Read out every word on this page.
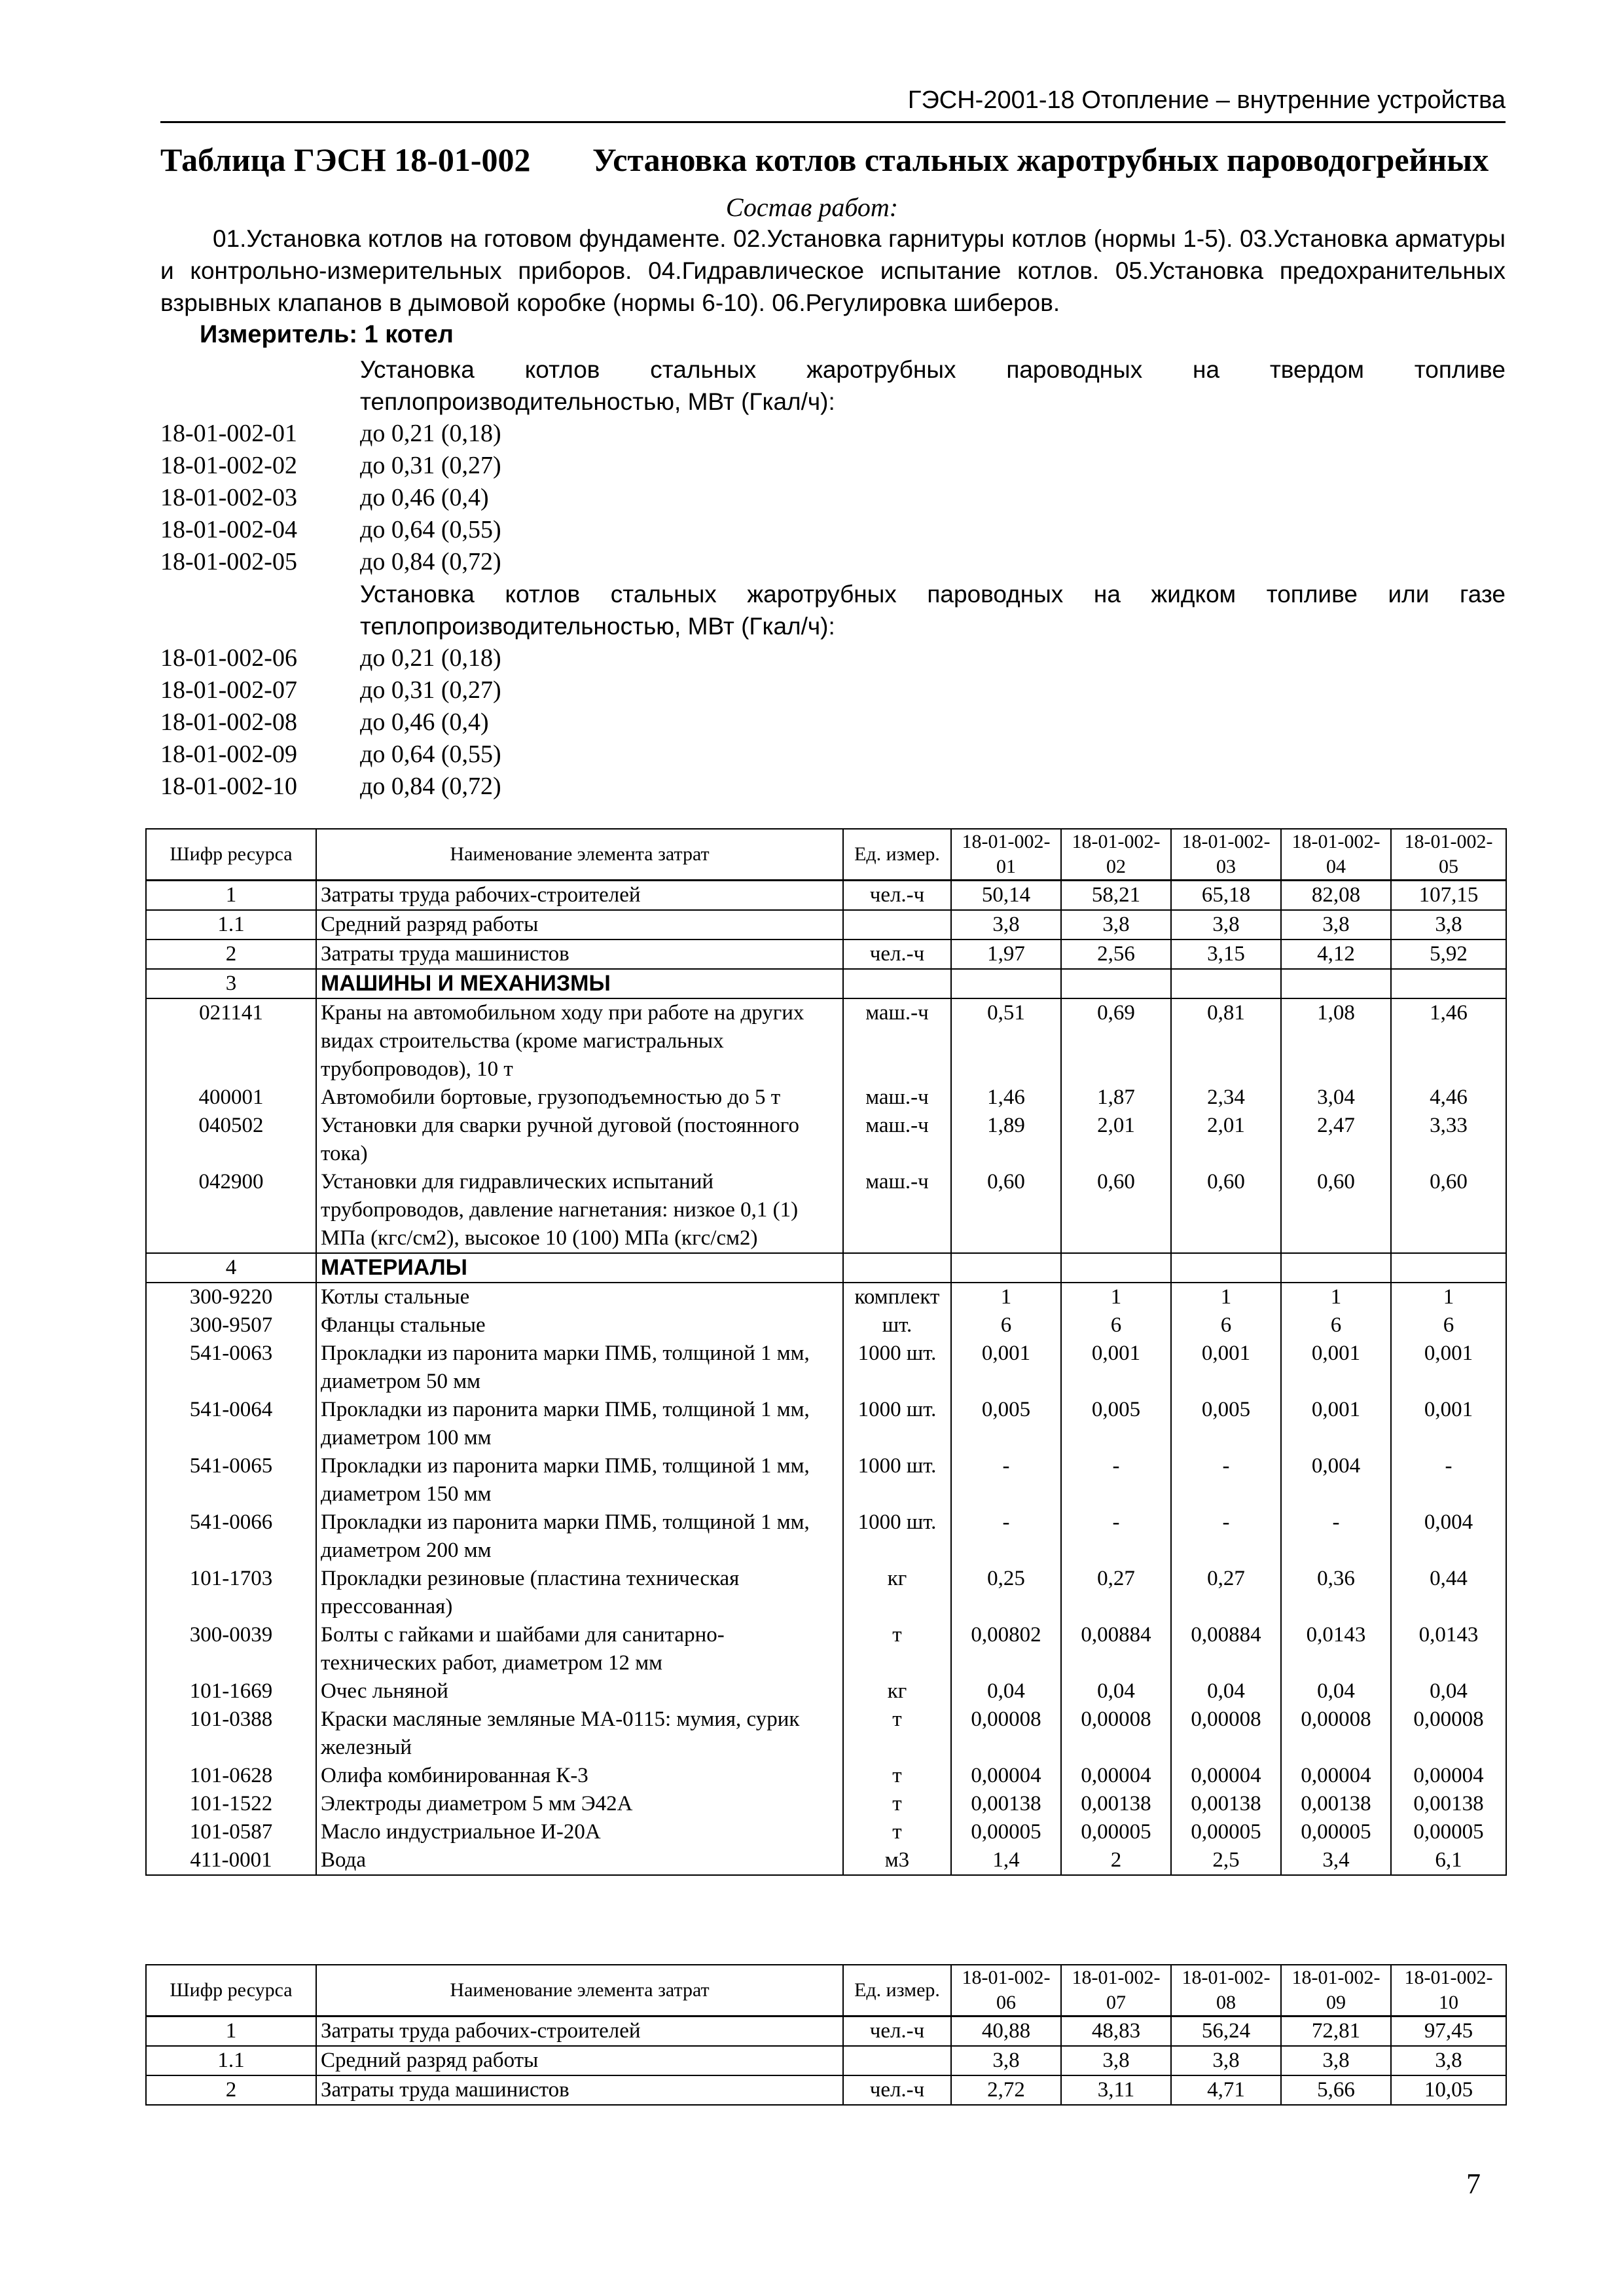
ГЭСН-2001-18 Отопление – внутренние устройства
Таблица ГЭСН 18-01-002 Установка котлов стальных жаротрубных пароводогрейных
Состав работ:
01.Установка котлов на готовом фундаменте. 02.Установка гарнитуры котлов (нормы 1-5). 03.Установка арматуры и контрольно-измерительных приборов. 04.Гидравлическое испытание котлов. 05.Установка предохранительных взрывных клапанов в дымовой коробке (нормы 6-10). 06.Регулировка шиберов.
Измеритель: 1 котел
Установка котлов стальных жаротрубных пароводных на твердом топливе теплопроизводительностью, МВт (Гкал/ч):
18-01-002-01	до 0,21 (0,18)
18-01-002-02	до 0,31 (0,27)
18-01-002-03	до 0,46 (0,4)
18-01-002-04	до 0,64 (0,55)
18-01-002-05	до 0,84 (0,72)
Установка котлов стальных жаротрубных пароводных на жидком топливе или газе теплопроизводительностью, МВт (Гкал/ч):
18-01-002-06	до 0,21 (0,18)
18-01-002-07	до 0,31 (0,27)
18-01-002-08	до 0,46 (0,4)
18-01-002-09	до 0,64 (0,55)
18-01-002-10	до 0,84 (0,72)
Шифр ресурса	Наименование элемента затрат	Ед. измер.	18-01-002-01	18-01-002-02	18-01-002-03	18-01-002-04	18-01-002-05
1	Затраты труда рабочих-строителей	чел.-ч	50,14	58,21	65,18	82,08	107,15
1.1	Средний разряд работы		3,8	3,8	3,8	3,8	3,8
2	Затраты труда машинистов	чел.-ч	1,97	2,56	3,15	4,12	5,92
3	МАШИНЫ И МЕХАНИЗМЫ						
021141	Краны на автомобильном ходу при работе на других видах строительства (кроме магистральных трубопроводов), 10 т	маш.-ч	0,51	0,69	0,81	1,08	1,46
400001	Автомобили бортовые, грузоподъемностью до 5 т	маш.-ч	1,46	1,87	2,34	3,04	4,46
040502	Установки для сварки ручной дуговой (постоянного тока)	маш.-ч	1,89	2,01	2,01	2,47	3,33
042900	Установки для гидравлических испытаний трубопроводов, давление нагнетания: низкое 0,1 (1) МПа (кгс/см2), высокое 10 (100) МПа (кгс/см2)	маш.-ч	0,60	0,60	0,60	0,60	0,60
4	МАТЕРИАЛЫ						
300-9220	Котлы стальные	комплект	1	1	1	1	1
300-9507	Фланцы стальные	шт.	6	6	6	6	6
541-0063	Прокладки из паронита марки ПМБ, толщиной 1 мм, диаметром 50 мм	1000 шт.	0,001	0,001	0,001	0,001	0,001
541-0064	Прокладки из паронита марки ПМБ, толщиной 1 мм, диаметром 100 мм	1000 шт.	0,005	0,005	0,005	0,001	0,001
541-0065	Прокладки из паронита марки ПМБ, толщиной 1 мм, диаметром 150 мм	1000 шт.	-	-	-	0,004	-
541-0066	Прокладки из паронита марки ПМБ, толщиной 1 мм, диаметром 200 мм	1000 шт.	-	-	-	-	0,004
101-1703	Прокладки резиновые (пластина техническая прессованная)	кг	0,25	0,27	0,27	0,36	0,44
300-0039	Болты с гайками и шайбами для санитарно-технических работ, диаметром 12 мм	т	0,00802	0,00884	0,00884	0,0143	0,0143
101-1669	Очес льняной	кг	0,04	0,04	0,04	0,04	0,04
101-0388	Краски масляные земляные МА-0115: мумия, сурик железный	т	0,00008	0,00008	0,00008	0,00008	0,00008
101-0628	Олифа комбинированная К-3	т	0,00004	0,00004	0,00004	0,00004	0,00004
101-1522	Электроды диаметром 5 мм Э42А	т	0,00138	0,00138	0,00138	0,00138	0,00138
101-0587	Масло индустриальное И-20А	т	0,00005	0,00005	0,00005	0,00005	0,00005
411-0001	Вода	м3	1,4	2	2,5	3,4	6,1
Шифр ресурса	Наименование элемента затрат	Ед. измер.	18-01-002-06	18-01-002-07	18-01-002-08	18-01-002-09	18-01-002-10
1	Затраты труда рабочих-строителей	чел.-ч	40,88	48,83	56,24	72,81	97,45
1.1	Средний разряд работы		3,8	3,8	3,8	3,8	3,8
2	Затраты труда машинистов	чел.-ч	2,72	3,11	4,71	5,66	10,05
7
